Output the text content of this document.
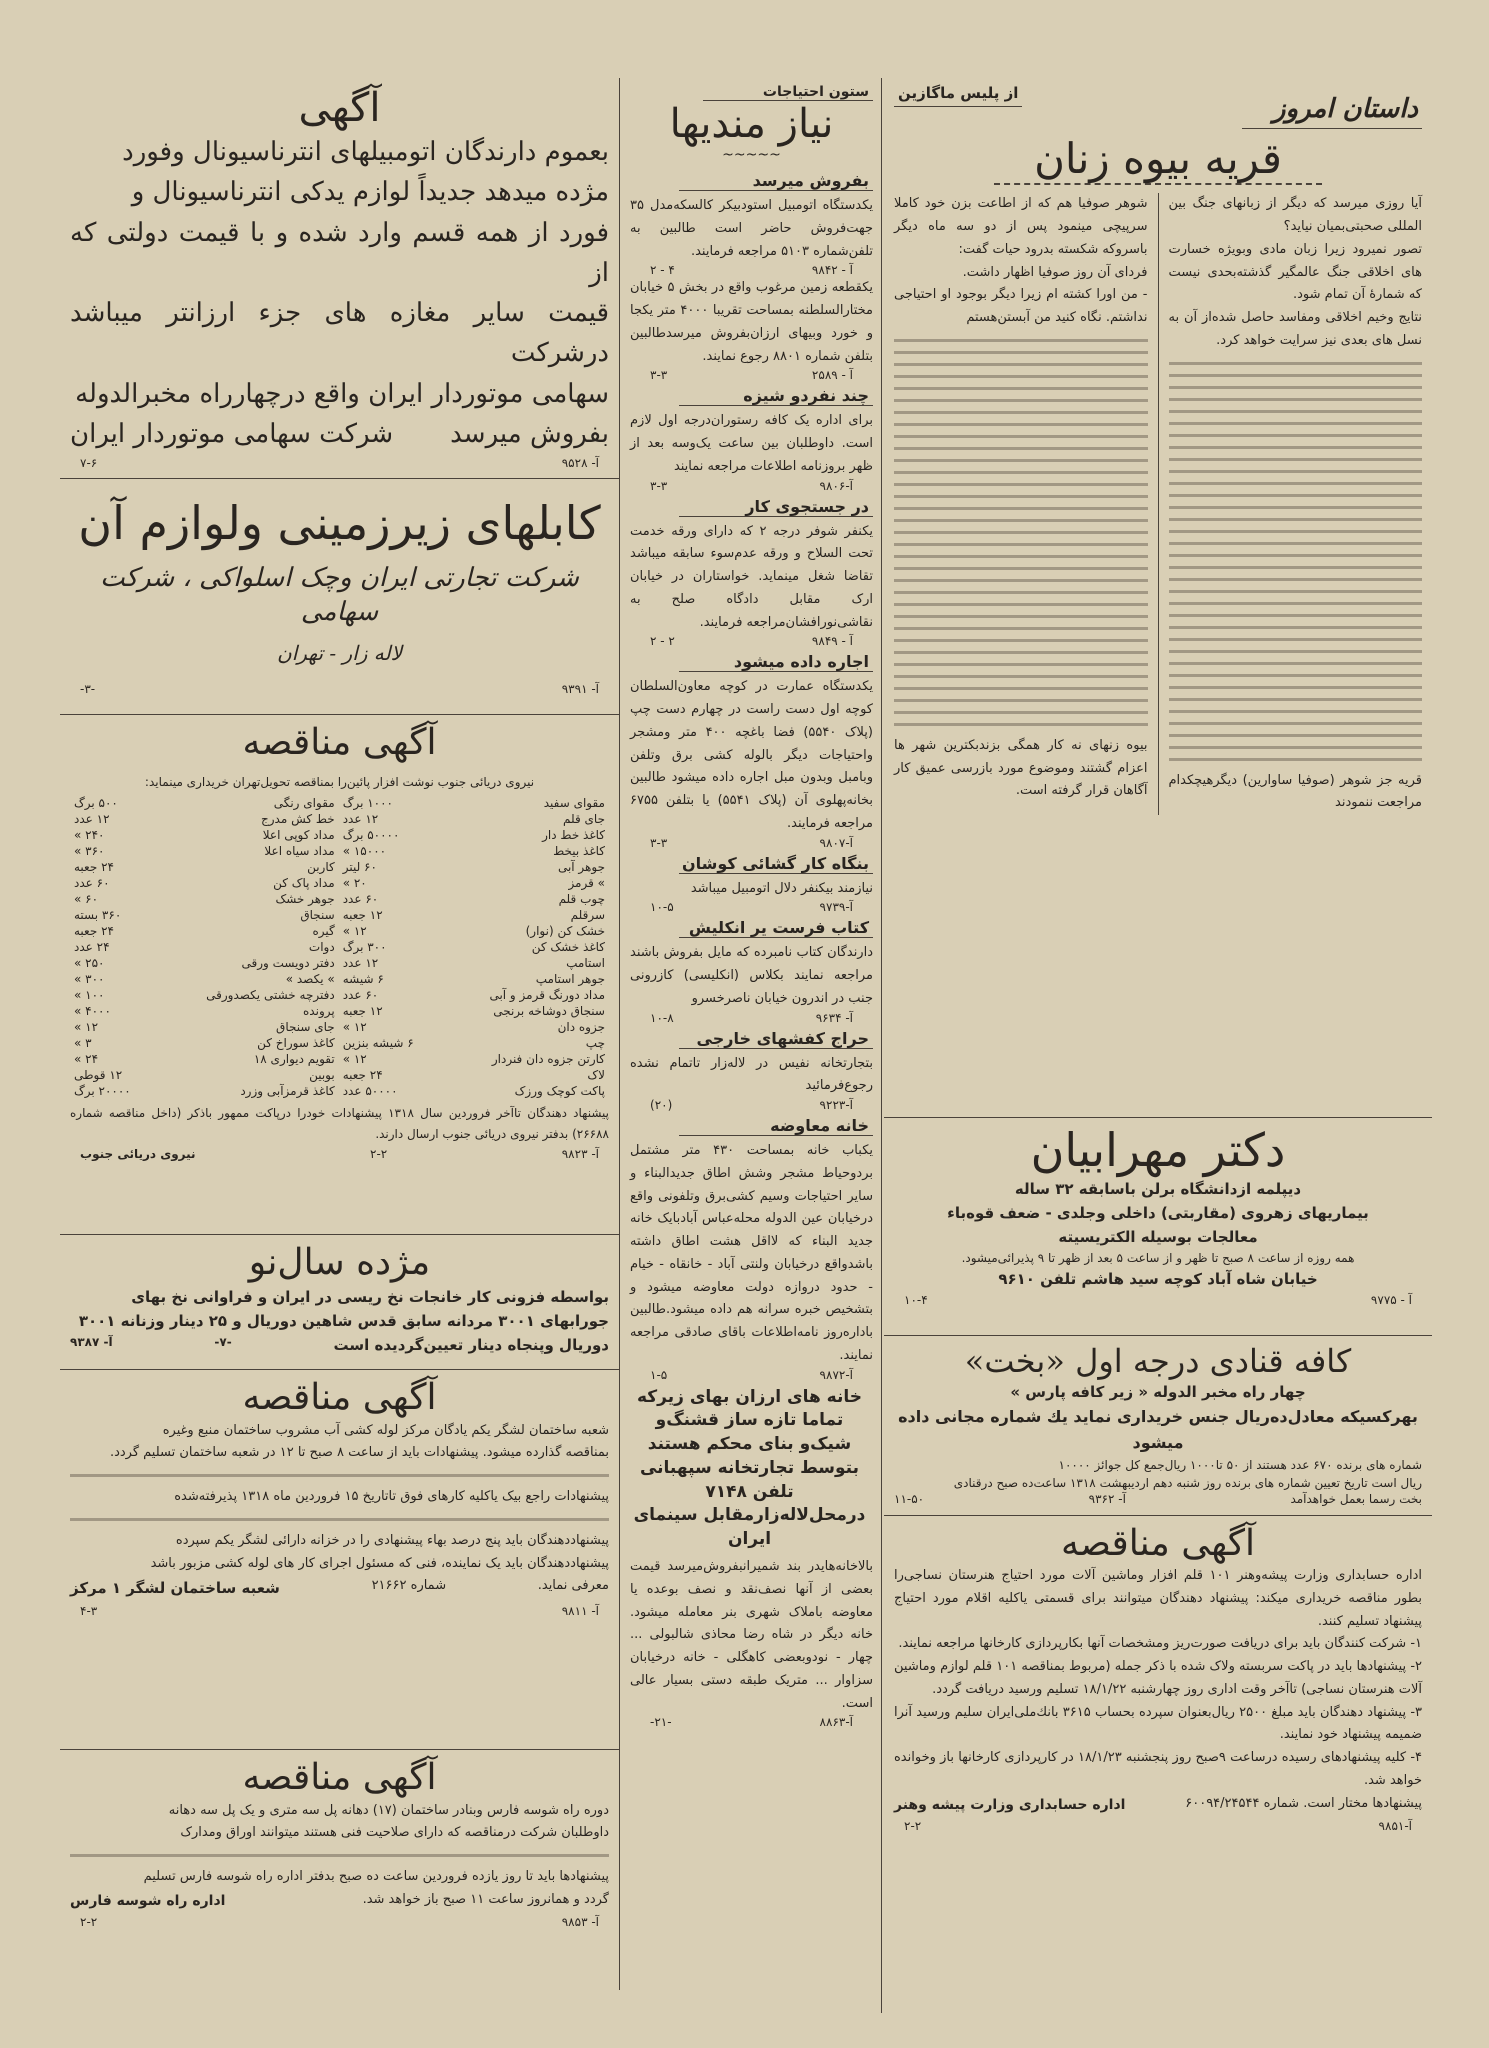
آگهی
بعموم دارندگان اتومبیلهای انترناسیونال وفورد
مژده میدهد جدیداً لوازم یدکی انترناسیونال و
فورد از همه قسم وارد شده و با قیمت دولتی که از
قیمت سایر مغازه های جزء ارزانتر میباشد درشرکت
سهامی موتوردار ایران واقع درچهارراه مخبرالدوله
بفروش میرسد
شرکت سهامی موتوردار ایران
آ- ۹۵۲۸
۷-۶
کابلهای زیرزمینی ولوازم آن
شرکت تجارتی ایران وچک اسلواکی ، شرکت سهامی
لاله زار - تهران
آ- ۹۳۹۱
-۳-
آگهی مناقصه
نیروی دریائی جنوب نوشت افزار پائین‌را بمناقصه تحویل‌تهران خریداری مینماید:
مقوای سفید	۱۰۰۰ برگ	مقوای رنگی	۵۰۰ برگ
جای قلم	۱۲ عدد	خط کش مدرج	۱۲ عدد
کاغذ خط دار	۵۰۰۰۰ برگ	مداد کوپی اعلا	۲۴۰ »
کاغذ بیخط	۱۵۰۰۰ »	مداد سیاه اعلا	۳۶۰ »
جوهر آبی	۶۰ لیتر	کاربن	۲۴ جعبه
» قرمز	۲۰ »	مداد پاک کن	۶۰ عدد
چوب قلم	۶۰ عدد	جوهر خشک	۶۰ »
سرقلم	۱۲ جعبه	سنجاق	۳۶۰ بسته
خشک کن (نوار)	۱۲ »	گیره	۲۴ جعبه
کاغذ خشک کن	۳۰۰ برگ	دوات	۲۴ عدد
استامپ	۱۲ عدد	دفتر دویست ورقی	۲۵۰ »
جوهر استامپ	۶ شیشه	» یکصد »	۳۰۰ »
مداد دورنگ قرمز و آبی	۶۰ عدد	دفترچه خشتی یکصدورقی	۱۰۰ »
سنجاق دوشاخه برنجی	۱۲ جعبه	پرونده	۴۰۰۰ »
جزوه دان	۱۲ »	جای سنجاق	۱۲ »
چپ	۶ شیشه بنزین	کاغذ سوراخ کن	۳ »
کارتن جزوه دان فنردار	۱۲ »	تقویم دیواری ۱۸	۲۴ »
لاک	۲۴ جعبه	بوبین	۱۲ قوطی
پاکت کوچک ورزک	۵۰۰۰۰ عدد	کاغذ قرمزآبی وزرد	۲۰۰۰۰ برگ
پیشنهاد دهندگان تاآخر فروردین سال ۱۳۱۸ پیشنهادات خودرا درپاکت ممهور باذکر (داخل مناقصه شماره ۲۶۶۸۸) بدفتر نیروی دریائی جنوب ارسال دارند.
آ- ۹۸۲۳
۲-۲
نیروی دریائی جنوب
مژده سال‌نو
بواسطه فزونی کار خانجات نخ ریسی در ایران و فراوانی نخ بهای
جورابهای ۳۰۰۱ مردانه سابق قدس شاهین دوریال و ۲۵ دینار وزنانه ۳۰۰۱
دوریال وپنجاه دینار تعیین‌گردیده است
-۷-
آ- ۹۳۸۷
آگهی مناقصه
شعبه ساختمان لشگر یکم یادگان مرکز لوله کشی آب مشروب ساختمان منبع وغیره
بمناقصه گذارده میشود. پیشنهادات باید از ساعت ۸ صبح تا ۱۲ در شعبه ساختمان تسلیم گردد.
پیشنهادات راجع بیک یاکلیه کارهای فوق تاتاریخ ۱۵ فروردین ماه ۱۳۱۸ پذیرفته‌شده
پیشنهاددهندگان باید پنج درصد بهاء پیشنهادی را در خزانه دارائی لشگر یکم سپرده
پیشنهاددهندگان باید یک نماینده، فنی که مسئول اجرای کار های لوله کشی مزبور باشد
معرفی نماید.
شماره ۲۱۶۶۲
شعبه ساختمان لشگر ۱ مرکز
آ- ۹۸۱۱
۴-۳
آگهی مناقصه
دوره راه شوسه فارس وبنادر ساختمان (۱۷) دهانه پل سه متری و یک پل سه دهانه
داوطلبان شرکت درمناقصه که دارای صلاحیت فنی هستند میتوانند اوراق ومدارک
پیشنهادها باید تا روز یازده فروردین ساعت ده صبح بدفتر اداره راه شوسه فارس تسلیم
گردد و همانروز ساعت ۱۱ صبح باز خواهد شد.
اداره راه شوسه فارس
آ- ۹۸۵۳
۲-۲
ستون احتیاجات
نیاز مندیها
~~~~~
بفروش میرسد
یکدستگاه اتومبیل استودبیکر کالسکه‌مدل ۳۵ جهت‌فروش حاضر است طالبین به تلفن‌شماره ۵۱۰۳ مراجعه فرمایند.
آ - ۹۸۴۲
۴ - ۲
یکقطعه زمین مرغوب واقع در بخش ۵ خیابان مختارالسلطنه بمساحت تقریبا ۴۰۰۰ متر یکجا و خورد وبیهای ارزان‌بفروش میرسدطالبین بتلفن شماره ۸۸۰۱ رجوع نمایند.
آ - ۲۵۸۹
۳-۳
چند نفردو شیزه
برای اداره یک کافه رستوران‌درجه اول لازم است. داوطلبان بین ساعت یک‌وسه بعد از ظهر بروزنامه اطلاعات مراجعه نمایند
آ-۹۸۰۶
۳-۳
در جستجوی کار
یکنفر شوفر درجه ۲ که دارای ورقه خدمت تحت السلاح و ورقه عدم‌سوء سابقه میباشد تقاضا شغل مینماید. خواستاران در خیابان ارک مقابل دادگاه صلح به نقاشی‌نورافشان‌مراجعه فرمایند.
آ - ۹۸۴۹
۲ - ۲
اجاره داده میشود
یکدستگاه عمارت در کوچه معاون‌السلطان کوچه اول دست راست در چهارم دست چپ (پلاک ۵۵۴۰) فضا باغچه ۴۰۰ متر ومشجر واحتیاجات دیگر بالوله کشی برق وتلفن وبامبل وبدون مبل اجاره داده میشود طالبین بخانه‌پهلوی آن (پلاک ۵۵۴۱) یا بتلفن ۶۷۵۵ مراجعه فرمایند.
آ-۹۸۰۷
۳-۳
بنگاه کار گشائی کوشان
نیازمند بیکنفر دلال اتومبیل میباشد
آ-۹۷۳۹
۱۰-۵
کتاب فرست یر انکلیش
دارندگان کتاب نامبرده که مایل بفروش باشند مراجعه نمایند بکلاس (انکلیسی) کازرونی جنب در اندرون خیابان ناصرخسرو
آ- ۹۶۳۴
۱۰-۸
حراج کفشهای خارجی
بتجارتخانه نفیس در لاله‌زار تاتمام نشده رجوع‌فرمائید
آ-۹۲۲۳
(۲۰)
خانه معاوضه
یکباب خانه بمساحت ۴۳۰ متر مشتمل بردوحیاط مشجر وشش اطاق جدیدالبناء و سایر احتیاجات وسیم کشی‌برق وتلفونی واقع درخیابان عین الدوله محله‌عباس آبادبایک خانه جدید البناء که لااقل هشت اطاق داشته باشدواقع درخیابان ولنتی آباد - خانقاه - خیام - حدود دروازه دولت معاوضه میشود و بتشخیص خبره سرانه هم داده میشود.طالبین باداره‌روز نامه‌اطلاعات باقای صادقی مراجعه نمایند.
آ-۹۸۷۲
۱-۵
خانه های ارزان بهای زیرکه تماما تازه ساز قشنگ‌و شیک‌و بنای محکم هستند بتوسط تجارتخانه سپهبانی تلفن ۷۱۴۸ درمحل‌لاله‌زار‌مقابل سینمای ایران
بالاخانه‌هایدر بند شمیرانبفروش‌میرسد قیمت بعضی از آنها نصف‌نقد و نصف بوعده یا معاوضه باملاک شهری بنر معامله میشود. خانه دیگر در شاه رضا محاذی شالبولی ... چهار - نودوبعضی کاهگلی - خانه درخیابان سزاوار ... متریک طبقه دستی بسیار عالی است.
آ-۸۸۶۳
-۲۱-
داستان امروز
از پلیس ماگازین
قریه بیوه زنان
آیا روزی میرسد که دیگر از زبانهای جنگ بین المللی صحبتی‌بمیان نیاید؟
تصور نمیرود زیرا زبان مادی وبویژه خسارت های اخلاقی جنگ عالمگیر گذشته‌بحدی نیست که شمارهٔ آن تمام شود.
نتایج وخیم اخلاقی ومفاسد حاصل شده‌از آن به نسل های بعدی نیز سرایت خواهد کرد.
قریه جز شوهر (صوفیا ساوارین) دیگرهیچکدام مراجعت ننمودند
شوهر صوفیا هم که از اطاعت بزن خود کاملا سرپیچی مینمود پس از دو سه ماه دیگر باسروکه شکسته بدرود حیات گفت:
فردای آن روز صوفیا اظهار داشت.
- من اورا کشته ام زیرا دیگر بوجود او احتیاجی نداشتم. نگاه کنید من آبستن‌هستم
بیوه زنهای نه کار همگی بزندبکترین شهر ها اعزام گشتند وموضوع مورد بازرسی عمیق کار آگاهان قرار گرفته است.
دکتر مهرابیان
دیپلمه ازدانشگاه برلن باسابقه ۳۲ ساله
بیماریهای زهروی (مقاربتی) داخلی وجلدی - ضعف قوه‌باء
معالجات بوسیله الکتریسیته
همه روزه از ساعت ۸ صبح تا ظهر و از ساعت ۵ بعد از ظهر تا ۹ پذیرائی‌میشود.
خیابان شاه آباد کوچه سید هاشم تلفن ۹۶۱۰
آ - ۹۷۷۵
۱۰-۴
کافه قنادی درجه اول «بخت»
چهار راه مخبر الدوله « زیر کافه پارس »
بهرکسیکه معادل‌ده‌ریال جنس خریداری نماید یك شماره مجانی داده میشود
شماره های برنده ۶۷۰ عدد هستند از ۵۰ تا۱۰۰۰ ریال‌جمع کل جوائز ۱۰۰۰۰
ریال است تاریخ تعیین شماره های برنده روز شنبه دهم اردیبهشت ۱۳۱۸ ساعت‌ده صبح درقنادی
بخت رسما بعمل خواهدآمد
آ- ۹۳۶۲
۱۱-۵۰
آگهی مناقصه
اداره حسابداری وزارت پیشه‌وهنر ۱۰۱ قلم افزار وماشین آلات مورد احتیاج هنرستان نساجی‌را بطور مناقصه خریداری میکند: پیشنهاد دهندگان میتوانند برای قسمتی یاکلیه اقلام مورد احتیاج پیشنهاد تسلیم کنند.
۱- شرکت کنندگان باید برای دریافت صورت‌ریز ومشخصات آنها بکارپردازی کارخانها مراجعه نمایند.
۲- پیشنهادها باید در پاکت سربسته ولاک شده با ذکر جمله (مربوط بمناقصه ۱۰۱ قلم لوازم وماشین آلات هنرستان نساجی) تاآخر وقت اداری روز چهارشنبه ۱۸/۱/۲۲ تسلیم ورسید دریافت گردد.
۳- پیشنهاد دهندگان باید مبلغ ۲۵۰۰ ریال‌بعنوان سپرده بحساب ۳۶۱۵ بانك‌ملی‌ایران سلیم ورسید آنرا ضمیمه پیشنهاد خود نمایند.
۴- کلیه پیشنهادهای رسیده درساعت ۹صبح روز پنجشنبه ۱۸/۱/۲۳ در کارپردازی کارخانها باز وخوانده خواهد شد.
پیشنهادها مختار است. شماره ۶۰۰۹۴/۲۴۵۴۴
اداره حسابداری وزارت پیشه وهنر
آ-۹۸۵۱
۲-۲
